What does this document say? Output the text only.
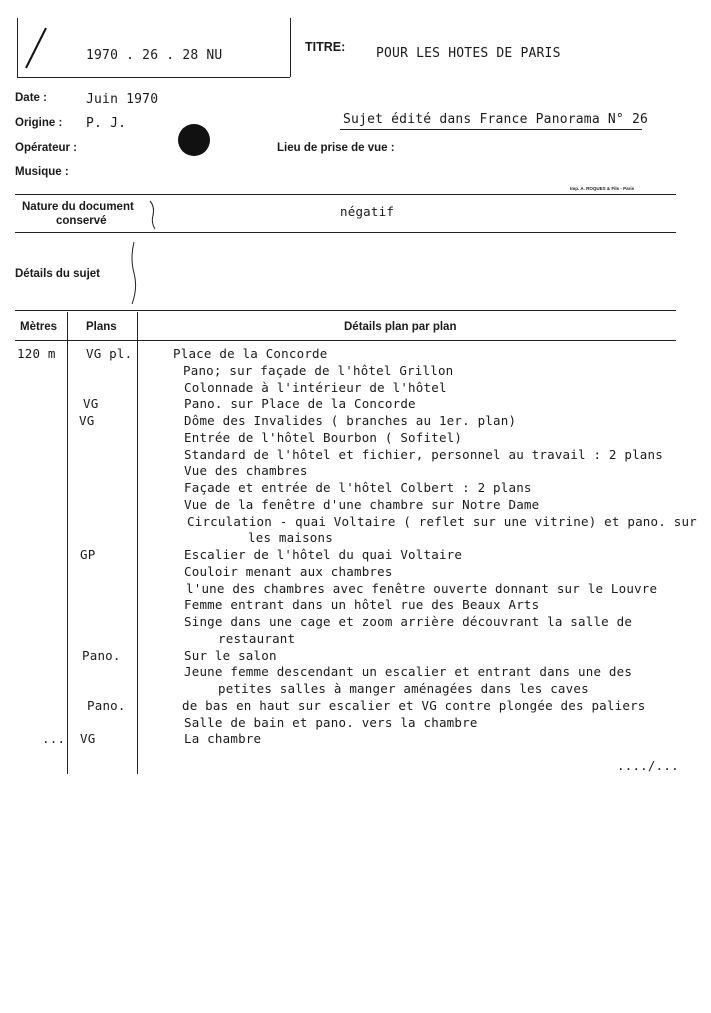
1970 . 26 . 28 NU
TITRE: POUR LES HOTES DE PARIS
Date :	Juin 1970
Origine : P. J.	Sujet édité dans France Panorama N° 26
Opérateur :	Lieu de prise de vue :
Musique :
Imp. A. ROQUES & Fils - Paris
Nature du document
conservé
négatif
Détails du sujet
Mètres	Plans	Détails plan par plan
120 m VG pl.	Place de la Concorde
Pano; sur façade de l'hôtel Grillon
Colonnade à l'intérieur de l'hôtel
VG	Pano. sur Place de la Concorde
VG	Dôme des Invalides ( branches au 1er. plan)
Entrée de l'hôtel Bourbon ( Sofitel)
Standard de l'hôtel et fichier, personnel au travail : 2 plans
Vue des chambres
Façade et entrée de l'hôtel Colbert : 2 plans
Vue de la fenêtre d'une chambre sur Notre Dame
Circulation - quai Voltaire ( reflet sur une vitrine) et pano. sur
les maisons
GP	Escalier de l'hôtel du quai Voltaire
Couloir menant aux chambres
l'une des chambres avec fenêtre ouverte donnant sur le Louvre
Femme entrant dans un hôtel rue des Beaux Arts
Singe dans une cage et zoom arrière découvrant la salle de
restaurant
Pano.	Sur le salon
Jeune femme descendant un escalier et entrant dans une des
petites salles à manger aménagées dans les caves
Pano.	de bas en haut sur escalier et VG contre plongée des paliers
Salle de bain et pano. vers la chambre
... VG	La chambre
..../...
